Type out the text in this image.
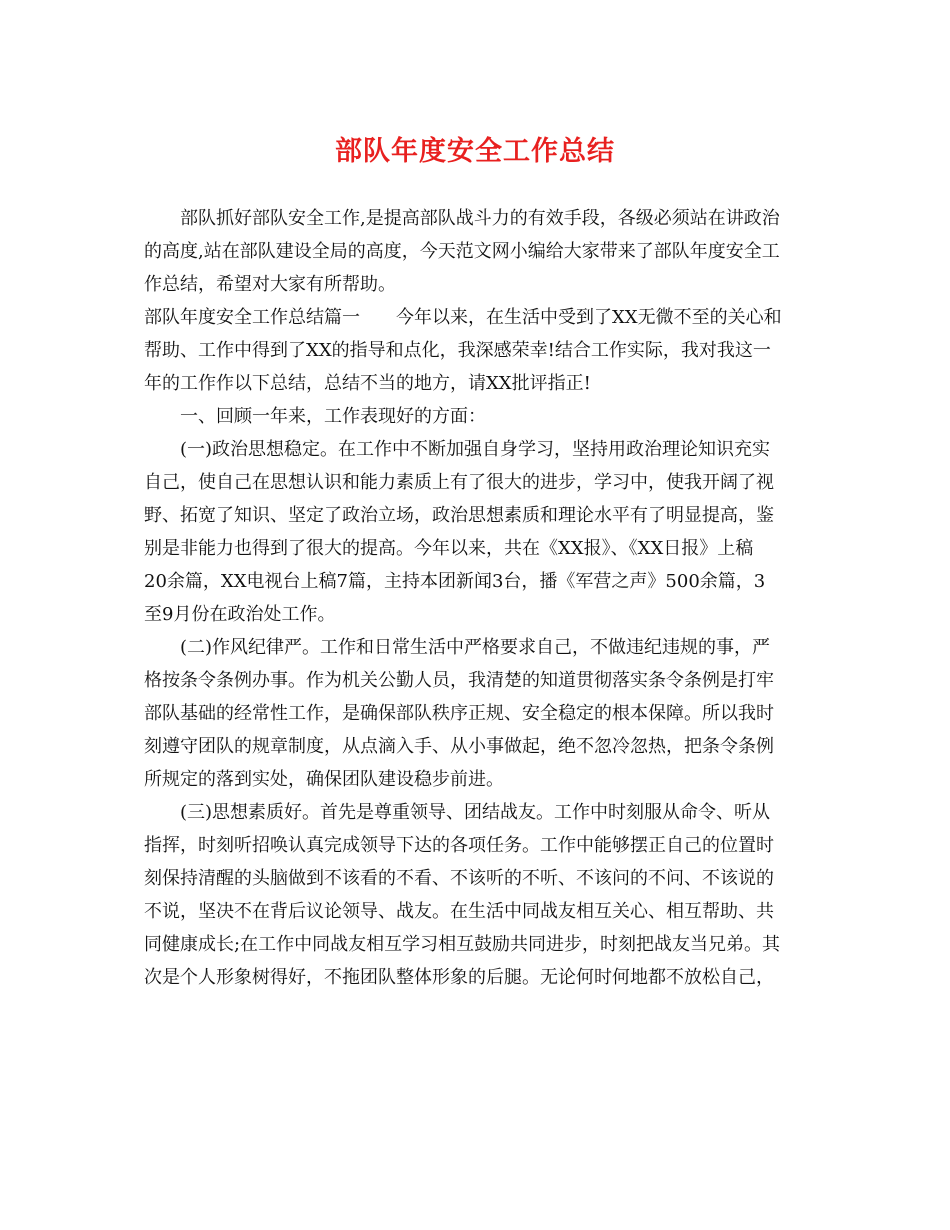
部队年度安全工作总结
　　部队抓好部队安全工作,是提高部队战斗力的有效手段，各级必须站在讲政治
的高度,站在部队建设全局的高度，今天范文网小编给大家带来了部队年度安全工
作总结，希望对大家有所帮助。
部队年度安全工作总结篇一　　今年以来，在生活中受到了XX无微不至的关心和
帮助、工作中得到了XX的指导和点化，我深感荣幸!结合工作实际，我对我这一
年的工作作以下总结，总结不当的地方，请XX批评指正!
　　一、回顾一年来，工作表现好的方面：
　　(一)政治思想稳定。在工作中不断加强自身学习，坚持用政治理论知识充实
自己，使自己在思想认识和能力素质上有了很大的进步，学习中，使我开阔了视
野、拓宽了知识、坚定了政治立场，政治思想素质和理论水平有了明显提高，鉴
别是非能力也得到了很大的提高。今年以来，共在《XX报》、《XX日报》上稿
20余篇，XX电视台上稿7篇，主持本团新闻3台，播《军营之声》500余篇，3
至9月份在政治处工作。
　　(二)作风纪律严。工作和日常生活中严格要求自己，不做违纪违规的事，严
格按条令条例办事。作为机关公勤人员，我清楚的知道贯彻落实条令条例是打牢
部队基础的经常性工作，是确保部队秩序正规、安全稳定的根本保障。所以我时
刻遵守团队的规章制度，从点滴入手、从小事做起，绝不忽冷忽热，把条令条例
所规定的落到实处，确保团队建设稳步前进。
　　(三)思想素质好。首先是尊重领导、团结战友。工作中时刻服从命令、听从
指挥，时刻听招唤认真完成领导下达的各项任务。工作中能够摆正自己的位置时
刻保持清醒的头脑做到不该看的不看、不该听的不听、不该问的不问、不该说的
不说，坚决不在背后议论领导、战友。在生活中同战友相互关心、相互帮助、共
同健康成长;在工作中同战友相互学习相互鼓励共同进步，时刻把战友当兄弟。其
次是个人形象树得好，不拖团队整体形象的后腿。无论何时何地都不放松自己，
